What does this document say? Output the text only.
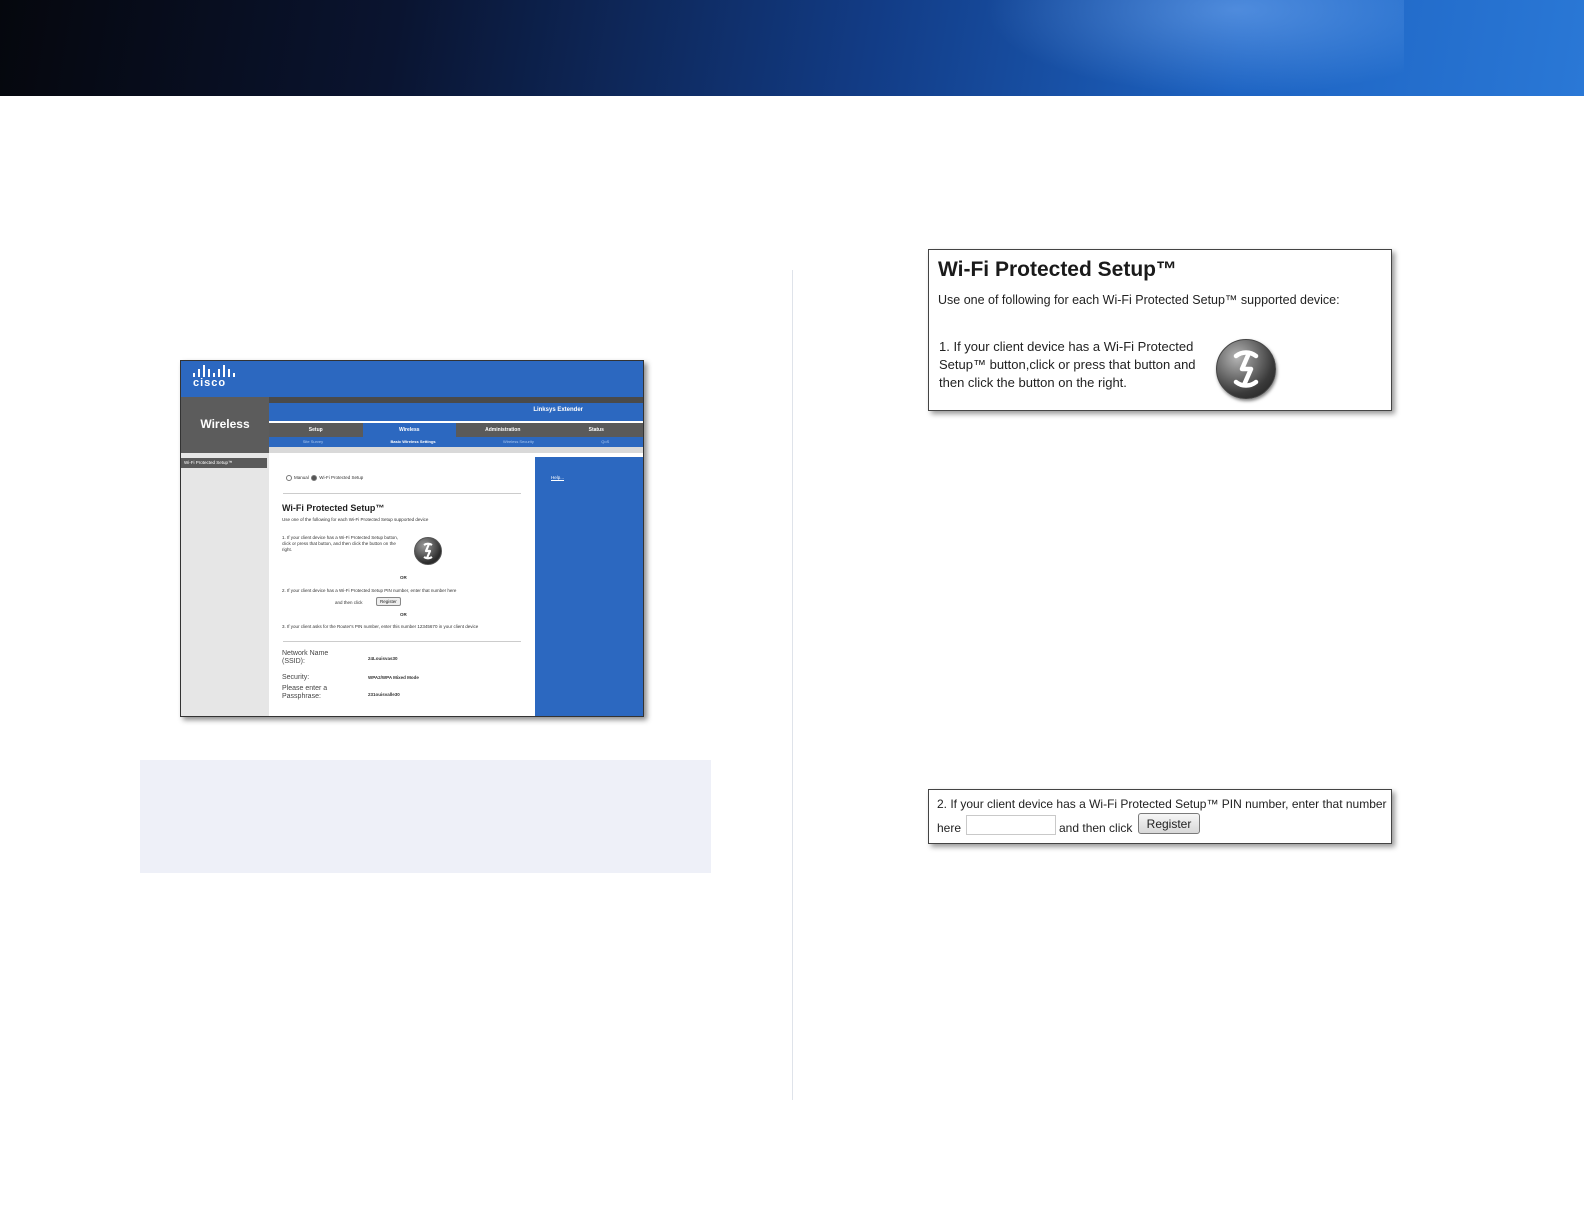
cisco
Wireless
Linksys Extender
Setup	Wireless	Administration	Status
Site Survey	Basic Wireless Settings	Wireless Security	QoS
Wi-Fi Protected Setup™
Manual Wi-Fi Protected Setup
Wi-Fi Protected Setup™
Use one of the following for each Wi-Fi Protected Setup supported device
1. If your client device has a Wi-Fi Protected Setup button, click or press that button, and then click the button on the right.
OR
2. If your client device has a Wi-Fi Protected Setup PIN number, enter that number here
and then click	Register
OR
3. If your client asks for the Router's PIN number, enter this number 12345670 in your client device
Network Name (SSID):	24Louisvas30
Security:	WPA2/WPA Mixed Mode
Please enter a Passphrase:	231ouisvalle30
Help...
Wi-Fi Protected Setup™
Use one of following for each Wi-Fi Protected Setup™ supported device:
1. If your client device has a Wi-Fi Protected Setup™ button,click or press that button and then click the button on the right.
2. If your client device has a Wi-Fi Protected Setup™ PIN number, enter that number
here	and then click	Register
